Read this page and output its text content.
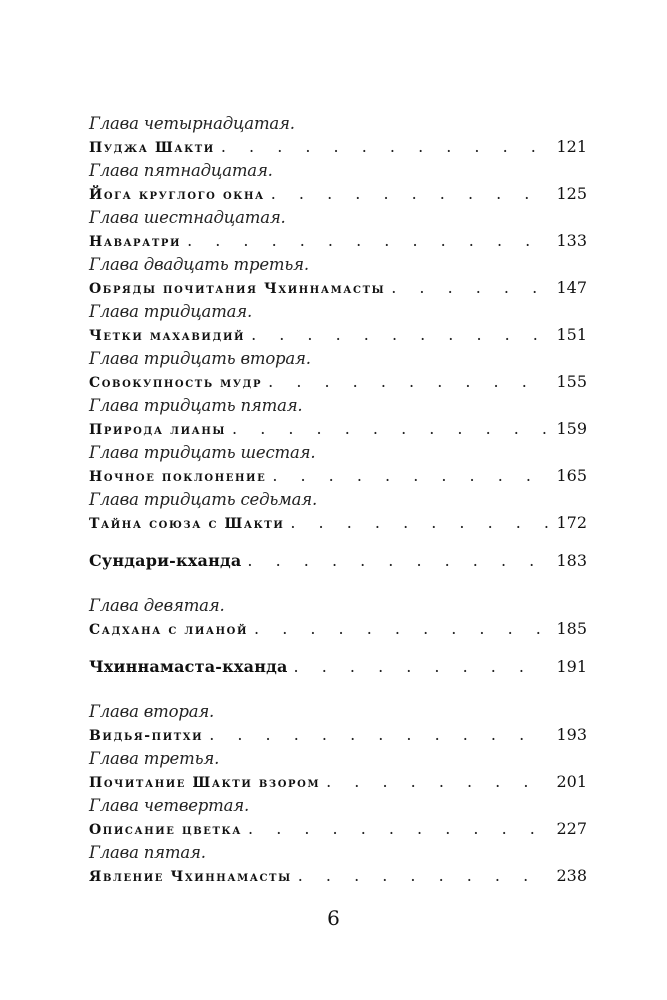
Глава четырнадцатая.
Пуджа Шакти . . .	121
Глава пятнадцатая.
Йога круглого окна . . .	125
Глава шестнадцатая.
Навaратри . . .	133
Глава двадцать третья.
Обряды почитания Чхиннамасты . . .	147
Глава тридцатая.
Четки махавидий . . .	151
Глава тридцать вторая.
Совокупность мудр . . .	155
Глава тридцать пятая.
Природа лианы . . .	159
Глава тридцать шестая.
Ночное поклонение . . .	165
Глава тридцать седьмая.
Тайна союза с Шакти . . .	172
Сундари-кханда . . .	183
Глава девятая.
Садхана с лианой . . .	185
Чхиннамаста-кханда . . .	191
Глава вторая.
Видья-питхи . . .	193
Глава третья.
Почитание Шакти взором . . .	201
Глава четвертая.
Описание цветка . . .	227
Глава пятая.
Явление Чхиннамасты . . .	238
6
